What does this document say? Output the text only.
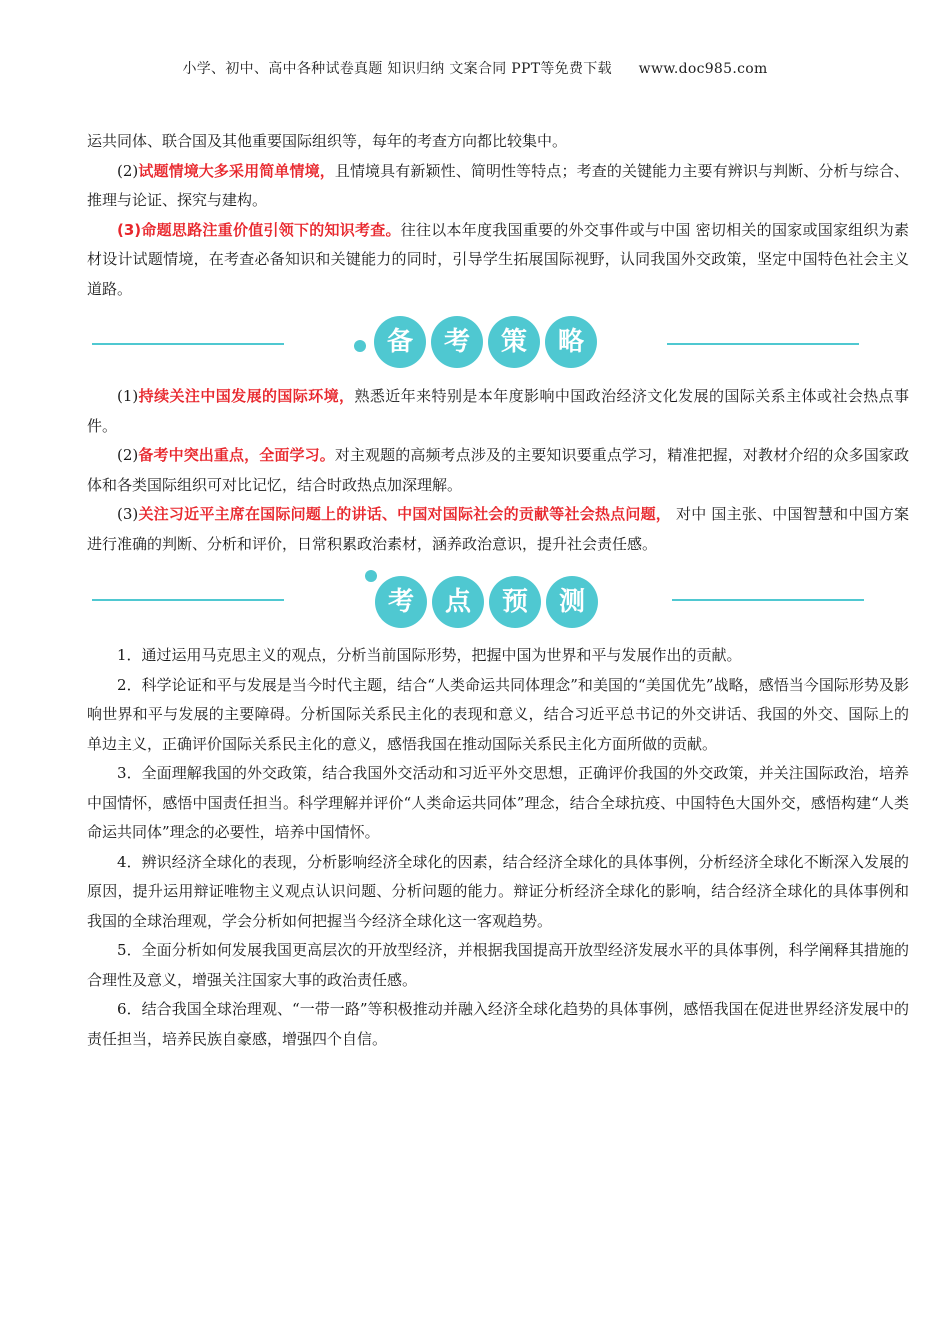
小学、初中、高中各种试卷真题 知识归纳 文案合同 PPT等免费下载 www.doc985.com

运共同体、联合国及其他重要国际组织等，每年的考查方向都比较集中。

(2)试题情境大多采用简单情境，且情境具有新颖性、简明性等特点；考查的关键能力主要有辨识与判断、分析与综合、推理与论证、探究与建构。

(3)命题思路注重价值引领下的知识考查。往往以本年度我国重要的外交事件或与中国 密切相关的国家或国家组织为素材设计试题情境，在考查必备知识和关键能力的同时，引导学生拓展国际视野，认同我国外交政策，坚定中国特色社会主义道路。

备	考	策	略

(1)持续关注中国发展的国际环境，熟悉近年来特别是本年度影响中国政治经济文化发展的国际关系主体或社会热点事件。

(2)备考中突出重点，全面学习。对主观题的高频考点涉及的主要知识要重点学习，精准把握，对教材介绍的众多国家政体和各类国际组织可对比记忆，结合时政热点加深理解。

(3)关注习近平主席在国际问题上的讲话、中国对国际社会的贡献等社会热点问题， 对中 国主张、中国智慧和中国方案进行准确的判断、分析和评价，日常积累政治素材，涵养政治意识，提升社会责任感。

考	点	预	测

1．通过运用马克思主义的观点，分析当前国际形势，把握中国为世界和平与发展作出的贡献。

2．科学论证和平与发展是当今时代主题，结合“人类命运共同体理念”和美国的“美国优先”战略，感悟当今国际形势及影响世界和平与发展的主要障碍。分析国际关系民主化的表现和意义，结合习近平总书记的外交讲话、我国的外交、国际上的单边主义，正确评价国际关系民主化的意义，感悟我国在推动国际关系民主化方面所做的贡献。

3．全面理解我国的外交政策，结合我国外交活动和习近平外交思想，正确评价我国的外交政策，并关注国际政治，培养中国情怀，感悟中国责任担当。科学理解并评价“人类命运共同体”理念，结合全球抗疫、中国特色大国外交，感悟构建“人类命运共同体”理念的必要性，培养中国情怀。

4．辨识经济全球化的表现，分析影响经济全球化的因素，结合经济全球化的具体事例，分析经济全球化不断深入发展的原因，提升运用辩证唯物主义观点认识问题、分析问题的能力。辩证分析经济全球化的影响，结合经济全球化的具体事例和我国的全球治理观，学会分析如何把握当今经济全球化这一客观趋势。

5．全面分析如何发展我国更高层次的开放型经济，并根据我国提高开放型经济发展水平的具体事例，科学阐释其措施的合理性及意义，增强关注国家大事的政治责任感。

6．结合我国全球治理观、“一带一路”等积极推动并融入经济全球化趋势的具体事例，感悟我国在促进世界经济发展中的责任担当，培养民族自豪感，增强四个自信。
